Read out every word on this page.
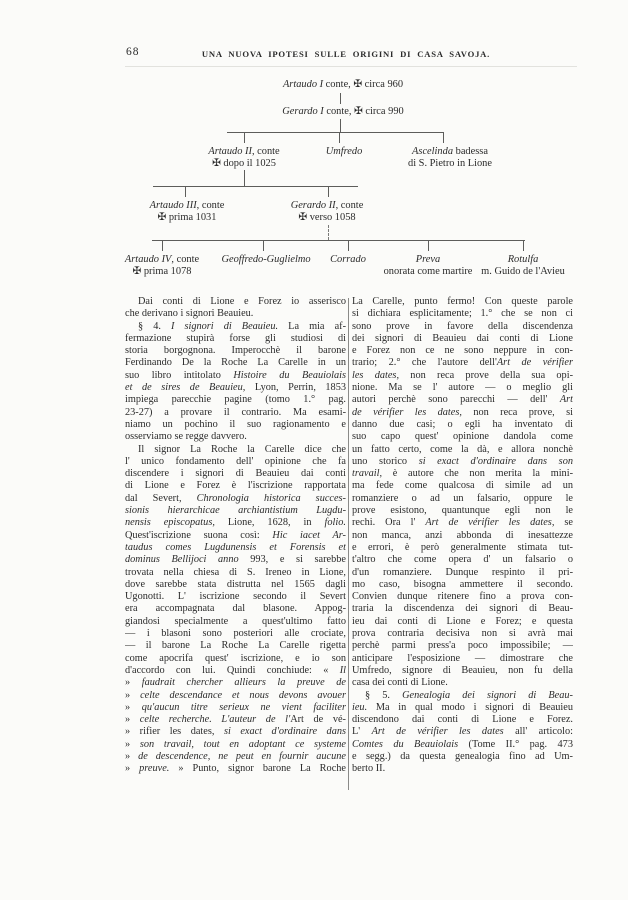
68	UNA NUOVA IPOTESI SULLE ORIGINI DI CASA SAVOJA.
Artaudo I conte, ✠ circa 960
Gerardo I conte, ✠ circa 990
Artaudo II, conte
✠ dopo il 1025
Umfredo	Ascelinda badessa
di S. Pietro in Lione
Artaudo III, conte
✠ prima 1031
Gerardo II, conte
✠ verso 1058
Artaudo IV, conte
✠ prima 1078
Geoffredo-Guglielmo Corrado	Preva
onorata come martire
Rotulfa
m. Guido de l'Avieu
Dai conti di Lione e Forez io asserisco
che derivano i signori Beauieu.
§ 4. I signori di Beauieu. La mia af-
fermazione stupirà forse gli studiosi di
storia borgognona. Imperocchè il barone
Ferdinando De la Roche La Carelle in un
suo libro intitolato Histoire du Beauiolais
et de sires de Beauieu, Lyon, Perrin, 1853
impiega parecchie pagine (tomo 1.° pag.
23-27) a provare il contrario. Ma esami-
niamo un pochino il suo ragionamento e
osserviamo se regge davvero.
Il signor La Roche la Carelle dice che
l' unico fondamento dell' opinione che fa
discendere i signori di Beauieu dai conti
di Lione e Forez è l'iscrizione rapportata
dal Severt, Chronologia historica succes-
sionis hierarchicae archiantistium Lugdu-
nensis episcopatus, Lione, 1628, in folio.
Quest'iscrizione suona così: Hic iacet Ar-
taudus comes Lugdunensis et Forensis et
dominus Bellijoci anno 993, e si sarebbe
trovata nella chiesa di S. Ireneo in Lione,
dove sarebbe stata distrutta nel 1565 dagli
Ugonotti. L' iscrizione secondo il Severt
era accompagnata dal blasone. Appog-
giandosi specialmente a quest'ultimo fatto
— i blasoni sono posteriori alle crociate,
— il barone La Roche La Carelle rigetta
come apocrifa quest' iscrizione, e io son
d'accordo con lui. Quindi conchiude: « Il
» faudrait chercher allieurs la preuve de
» celte descendance et nous devons avouer
» qu'aucun titre serieux ne vient faciliter
» celte recherche. L'auteur de l'Art de vé-
» rifier les dates, si exact d'ordinaire dans
» son travail, tout en adoptant ce systeme
» de descendence, ne peut en fournir aucune
» preuve. » Punto, signor barone La Roche
La Carelle, punto fermo! Con queste parole
si dichiara esplicitamente; 1.° che se non ci
sono prove in favore della discendenza
dei signori di Beauieu dai conti di Lione
e Forez non ce ne sono neppure in con-
trario; 2.° che l'autore dell'Art de vérifier
les dates, non reca prove della sua opi-
nione. Ma se l' autore — o meglio gli
autori perchè sono parecchi — dell' Art
de vérifier les dates, non reca prove, si
danno due casi; o egli ha inventato di
suo capo quest' opinione dandola come
un fatto certo, come la dà, e allora nonchè
uno storico si exact d'ordinaire dans son
travail, è autore che non merita la mini-
ma fede come qualcosa di simile ad un
romanziere o ad un falsario, oppure le
prove esistono, quantunque egli non le
rechi. Ora l' Art de vérifier les dates, se
non manca, anzi abbonda di inesattezze
e errori, è però generalmente stimata tut-
t'altro che come opera d' un falsario o
d'un romanziere. Dunque respinto il pri-
mo caso, bisogna ammettere il secondo.
Convien dunque ritenere fino a prova con-
traria la discendenza dei signori di Beau-
ieu dai conti di Lione e Forez; e questa
prova contraria decisiva non si avrà mai
perchè parmi press'a poco impossibile; —
anticipare l'esposizione — dimostrare che
Umfredo, signore di Beauieu, non fu della
casa dei conti di Lione.
§ 5. Genealogia dei signori di Beau-
ieu. Ma in qual modo i signori di Beauieu
discendono dai conti di Lione e Forez.
L' Art de vérifier les dates all' articolo:
Comtes du Beauiolais (Tome II.° pag. 473
e segg.) da questa genealogia fino ad Um-
berto II.
